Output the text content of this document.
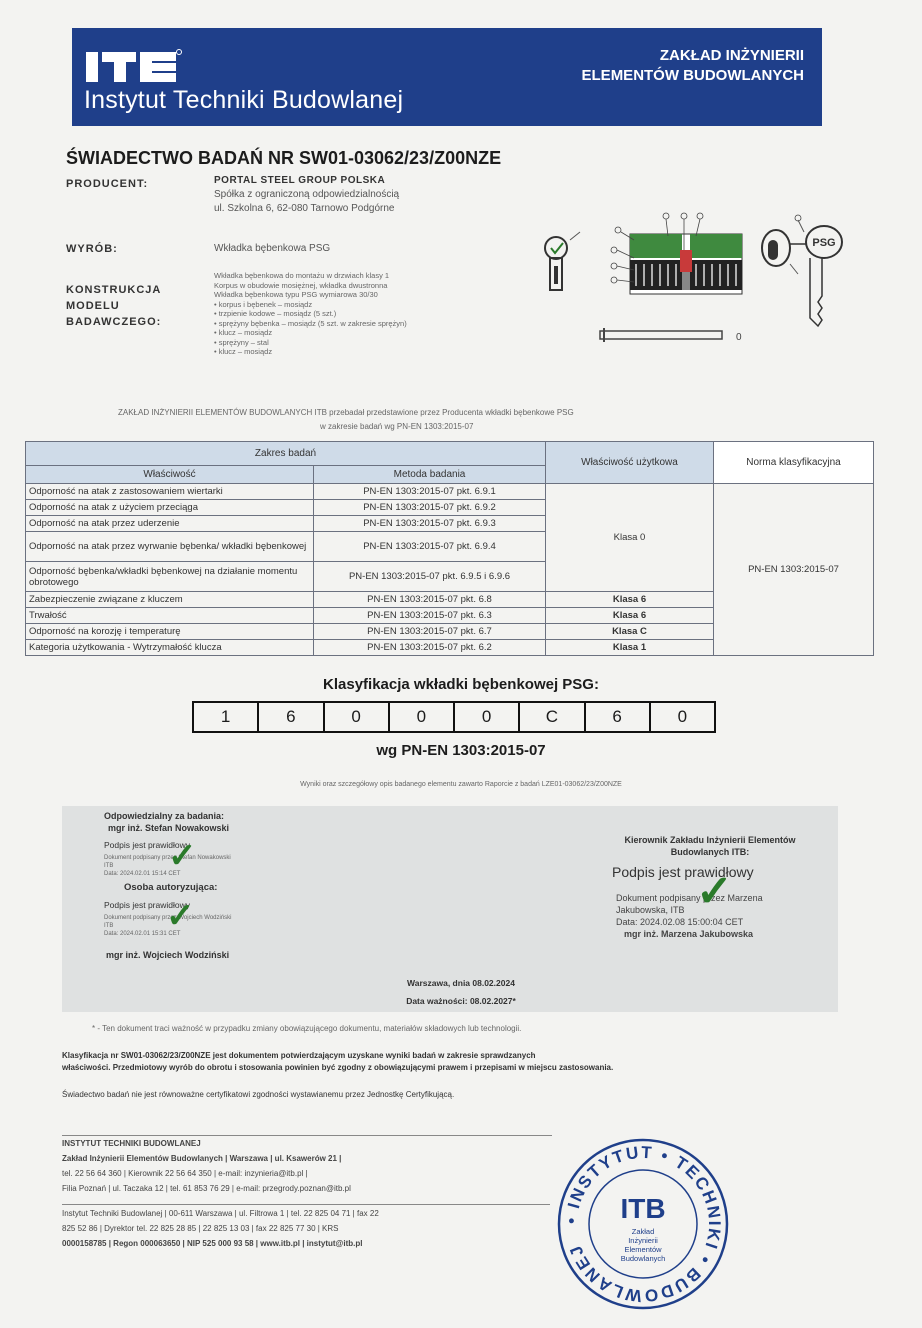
ZAKŁAD INŻYNIERII
ELEMENTÓW BUDOWLANYCH
Instytut Techniki Budowlanej
ŚWIADECTWO BADAŃ NR SW01-03062/23/Z00NZE
PRODUCENT:	PORTAL STEEL GROUP POLSKA
Spółka z ograniczoną odpowiedzialnością
ul. Szkolna 6, 62-080 Tarnowo Podgórne
WYRÓB:	Wkładka bębenkowa PSG
KONSTRUKCJA
MODELU
BADAWCZEGO:
Wkładka bębenkowa do montażu w drzwiach klasy 1
Korpus w obudowie mosiężnej, wkładka dwustronna
Wkładka bębenkowa typu PSG wymiarowa 30/30
• korpus i bębenek – mosiądz
• trzpienie kodowe – mosiądz (5 szt.)
• sprężyny bębenka – mosiądz (5 szt. w zakresie sprężyn)
• klucz – mosiądz
• sprężyny – stal
• klucz – mosiądz
PSG
0
ZAKŁAD INŻYNIERII ELEMENTÓW BUDOWLANYCH ITB przebadał przedstawione przez Producenta wkładki bębenkowe PSG
w zakresie badań wg PN-EN 1303:2015-07
Zakres badań		Właściwość użytkowa	Norma klasyfikacyjna
Właściwość	Metoda badania		
Odporność na atak z zastosowaniem wiertarki	PN-EN 1303:2015-07 pkt. 6.9.1	Klasa 0	PN-EN 1303:2015-07
Odporność na atak z użyciem przeciąga	PN-EN 1303:2015-07 pkt. 6.9.2		
Odporność na atak przez uderzenie	PN-EN 1303:2015-07 pkt. 6.9.3		
Odporność na atak przez wyrwanie bębenka/ wkładki bębenkowej	PN-EN 1303:2015-07 pkt. 6.9.4		
Odporność bębenka/wkładki bębenkowej na działanie momentu obrotowego	PN-EN 1303:2015-07 pkt. 6.9.5 i 6.9.6		
Zabezpieczenie związane z kluczem	PN-EN 1303:2015-07 pkt. 6.8	Klasa 6	
Trwałość	PN-EN 1303:2015-07 pkt. 6.3	Klasa 6	
Odporność na korozję i temperaturę	PN-EN 1303:2015-07 pkt. 6.7	Klasa C	
Kategoria użytkowania - Wytrzymałość klucza	PN-EN 1303:2015-07 pkt. 6.2	Klasa 1	
Klasyfikacja wkładki bębenkowej PSG:
1	6	0	0	0	C	6	0
wg PN-EN 1303:2015-07
Wyniki oraz szczegółowy opis badanego elementu zawarto Raporcie z badań LZE01-03062/23/Z00NZE
Odpowiedzialny za badania:
mgr inż. Stefan Nowakowski
Podpis jest prawidłowy
Dokument podpisany przez Stefan Nowakowski
ITB
Data: 2024.02.01 15:14 CET
✓
Osoba autoryzująca:
Podpis jest prawidłowy
Dokument podpisany przez Wojciech Wodziński
ITB
Data: 2024.02.01 15:31 CET
✓
mgr inż. Wojciech Wodziński
Kierownik Zakładu Inżynierii Elementów
Budowlanych ITB:
Podpis jest prawidłowy
Dokument podpisany przez Marzena
Jakubowska, ITB
Data: 2024.02.08 15:00:04 CET
mgr inż. Marzena Jakubowska
✓
Warszawa, dnia 08.02.2024
Data ważności: 08.02.2027*
* - Ten dokument traci ważność w przypadku zmiany obowiązującego dokumentu, materiałów składowych lub technologii.
Klasyfikacja nr SW01-03062/23/Z00NZE jest dokumentem potwierdzającym uzyskane wyniki badań w zakresie sprawdzanych
właściwości. Przedmiotowy wyrób do obrotu i stosowania powinien być zgodny z obowiązującymi prawem i przepisami w miejscu zastosowania.
Świadectwo badań nie jest równoważne certyfikatowi zgodności wystawianemu przez Jednostkę Certyfikującą.
INSTYTUT TECHNIKI BUDOWLANEJ
Zakład Inżynierii Elementów Budowlanych | Warszawa | ul. Ksawerów 21 |
tel. 22 56 64 360 | Kierownik 22 56 64 350 | e-mail: inzynieria@itb.pl |
Filia Poznań | ul. Taczaka 12 | tel. 61 853 76 29 | e-mail: przegrody.poznan@itb.pl
Instytut Techniki Budowlanej | 00-611 Warszawa | ul. Filtrowa 1 | tel. 22 825 04 71 | fax 22
825 52 86 | Dyrektor tel. 22 825 28 85 | 22 825 13 03 | fax 22 825 77 30 | KRS
0000158785 | Regon 000063650 | NIP 525 000 93 58 | www.itb.pl | instytut@itb.pl
• INSTYTUT • TECHNIKI • BUDOWLANEJ
ITB
Zakład
Inżynierii
Elementów
Budowlanych
